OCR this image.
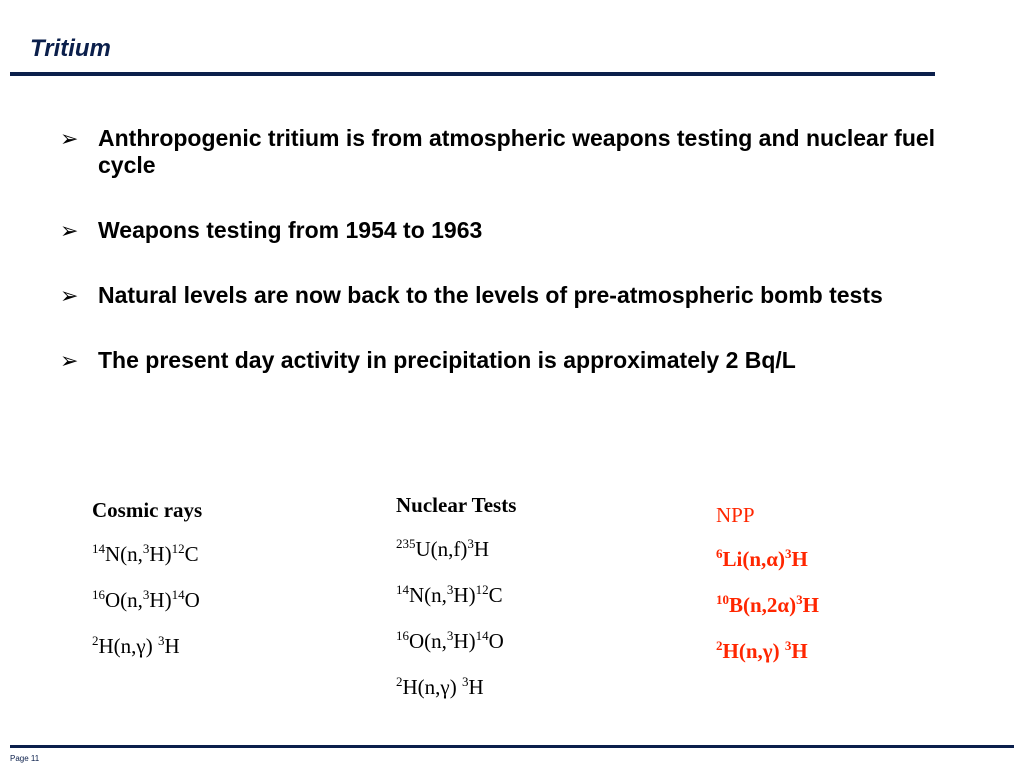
Tritium
➢ Anthropogenic tritium is from atmospheric weapons testing and nuclear fuel cycle
➢ Weapons testing from 1954 to 1963
➢ Natural levels are now back to the levels of pre-atmospheric bomb tests
➢ The present day activity in precipitation is approximately 2 Bq/L

Cosmic rays

$^{14}N(n,^3H)^{12}C$

$^{16}O(n,^3H)^{14}O$

$^2$H(n,γ) $^3$H

Nuclear Tests

$^{235}U(n,f)^3H$

$^{14}N(n,^3H)^{12}C$

$^{16}O(n,^3H)^{14}O$

$^2$H(n,γ) $^3$H

NPP

$^6Li(n,\alpha)^3H$

$^{10}B(n,2\alpha)^3H$

$^2$H(n,γ) $^3$H

Page 11
